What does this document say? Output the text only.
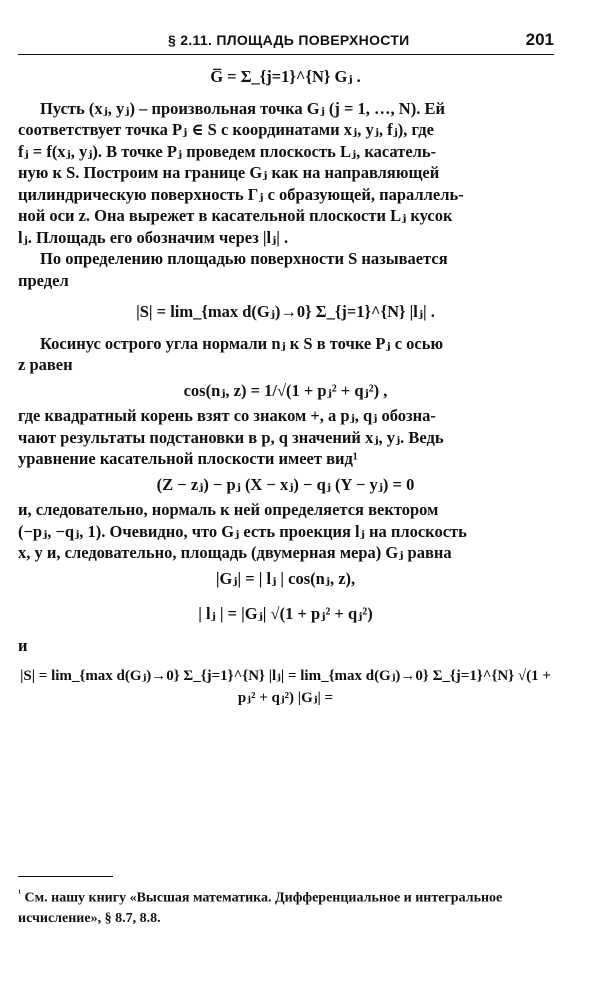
§ 2.11. ПЛОЩАДЬ ПОВЕРХНОСТИ	201
G̅ = Σ_{j=1}^{N} Gⱼ .
Пусть (xⱼ, yⱼ) – произвольная точка Gⱼ (j = 1, …, N). Ей
соответствует точка Pⱼ ∈ S с координатами xⱼ, yⱼ, fⱼ), где
fⱼ = f(xⱼ, yⱼ). В точке Pⱼ проведем плоскость Lⱼ, касатель-
ную к S. Построим на границе Gⱼ как на направляющей
цилиндрическую поверхность Γⱼ с образующей, параллель-
ной оси z. Она вырежет в касательной плоскости Lⱼ кусок
lⱼ. Площадь его обозначим через |lⱼ| .
По определению площадью поверхности S называется
предел
|S| = lim_{max d(Gⱼ)→0} Σ_{j=1}^{N} |lⱼ| .
Косинус острого угла нормали nⱼ к S в точке Pⱼ с осью
z равен
cos(nⱼ, z) = 1/√(1 + pⱼ² + qⱼ²) ,
где квадратный корень взят со знаком +, а pⱼ, qⱼ обозна-
чают результаты подстановки в p, q значений xⱼ, yⱼ. Ведь
уравнение касательной плоскости имеет вид¹
(Z − zⱼ) − pⱼ (X − xⱼ) − qⱼ (Y − yⱼ) = 0
и, следовательно, нормаль к ней определяется вектором
(−pⱼ, −qⱼ, 1). Очевидно, что Gⱼ есть проекция lⱼ на плоскость
x, y и, следовательно, площадь (двумерная мера) Gⱼ равна
|Gⱼ| = | lⱼ | cos(nⱼ, z),
| lⱼ | = |Gⱼ| √(1 + pⱼ² + qⱼ²)
и
|S| = lim_{max d(Gⱼ)→0} Σ_{j=1}^{N} |lⱼ| = lim_{max d(Gⱼ)→0} Σ_{j=1}^{N} √(1 + pⱼ² + qⱼ²) |Gⱼ| =
$^{^1}$ См. нашу книгу «Высшая математика. Дифференциальное и интегральное исчисление», § 8.7, 8.8.
